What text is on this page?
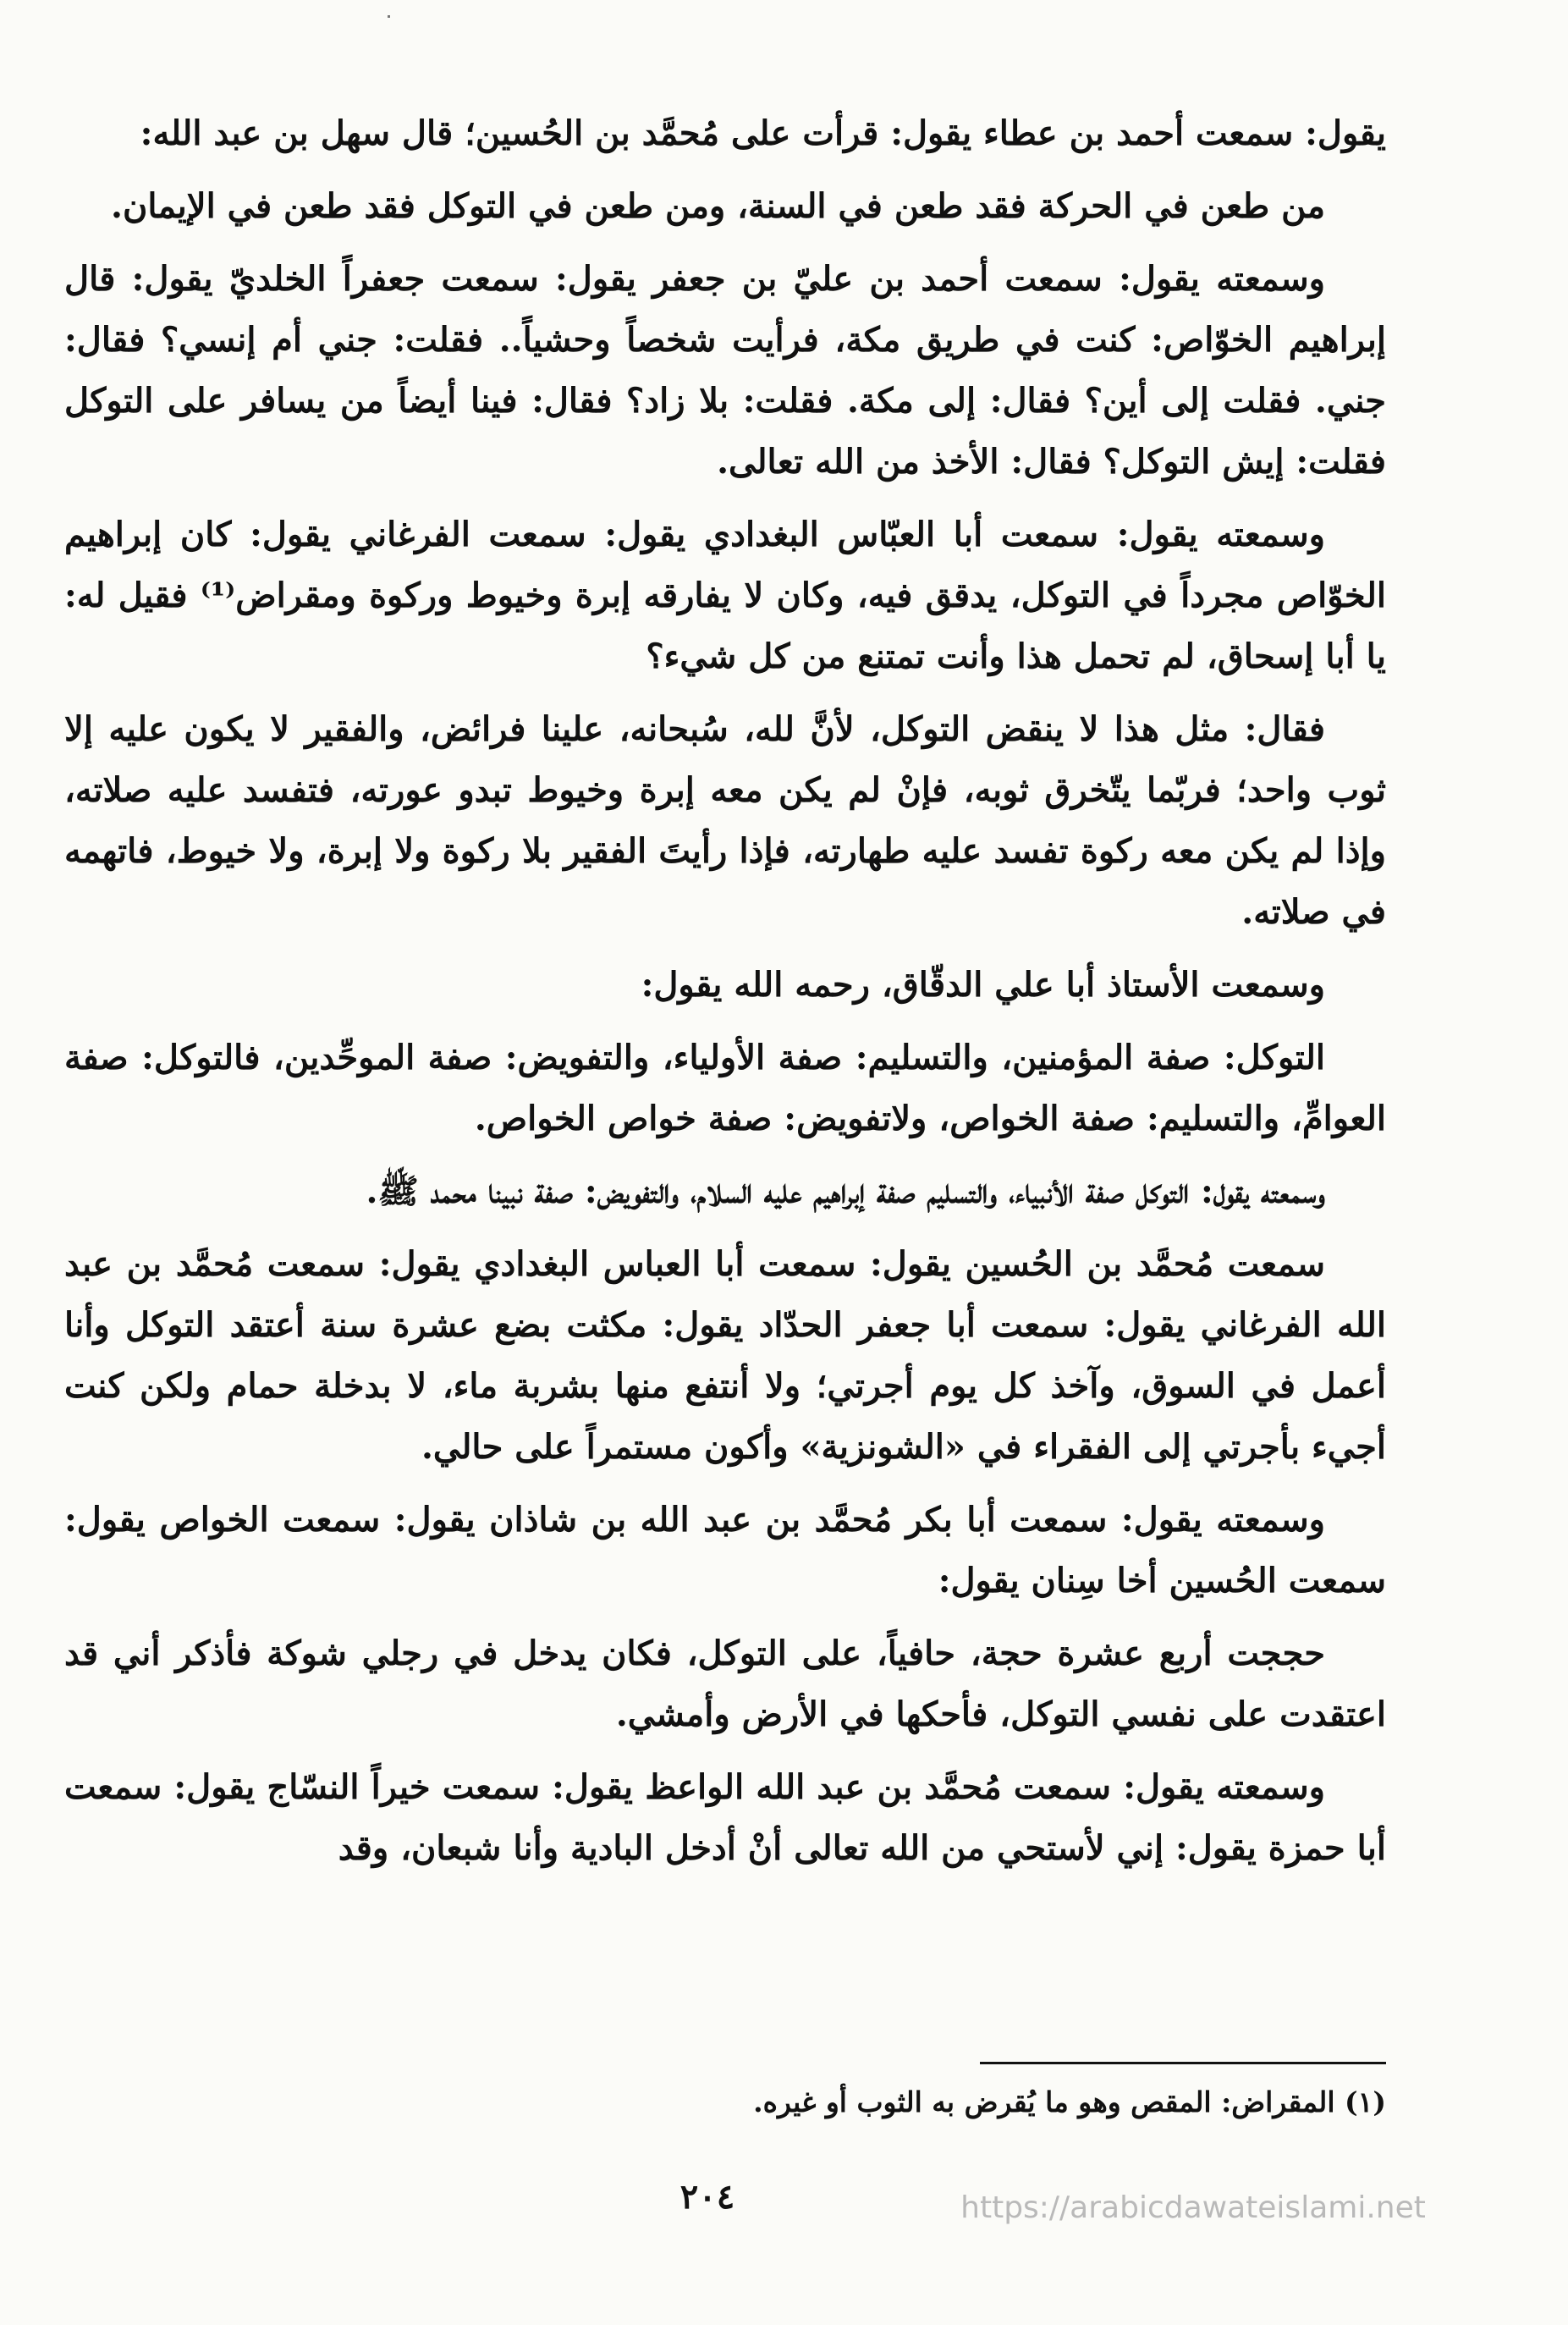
يقول: سمعت أحمد بن عطاء يقول: قرأت على مُحمَّد بن الحُسين؛ قال سهل بن عبد الله:

من طعن في الحركة فقد طعن في السنة، ومن طعن في التوكل فقد طعن في الإيمان.

وسمعته يقول: سمعت أحمد بن عليّ بن جعفر يقول: سمعت جعفراً الخلديّ يقول: قال إبراهيم الخوّاص: كنت في طريق مكة، فرأيت شخصاً وحشياً.. فقلت: جني أم إنسي؟ فقال: جني. فقلت إلى أين؟ فقال: إلى مكة. فقلت: بلا زاد؟ فقال: فينا أيضاً من يسافر على التوكل فقلت: إيش التوكل؟ فقال: الأخذ من الله تعالى.

وسمعته يقول: سمعت أبا العبّاس البغدادي يقول: سمعت الفرغاني يقول: كان إبراهيم الخوّاص مجرداً في التوكل، يدقق فيه، وكان لا يفارقه إبرة وخيوط وركوة ومقراض⁽¹⁾ فقيل له: يا أبا إسحاق، لم تحمل هذا وأنت تمتنع من كل شيء؟

فقال: مثل هذا لا ينقض التوكل، لأنَّ لله، سُبحانه، علينا فرائض، والفقير لا يكون عليه إلا ثوب واحد؛ فربّما يتّخرق ثوبه، فإنْ لم يكن معه إبرة وخيوط تبدو عورته، فتفسد عليه صلاته، وإذا لم يكن معه ركوة تفسد عليه طهارته، فإذا رأيتَ الفقير بلا ركوة ولا إبرة، ولا خيوط، فاتهمه في صلاته.

وسمعت الأستاذ أبا علي الدقّاق، رحمه الله يقول:

التوكل: صفة المؤمنين، والتسليم: صفة الأولياء، والتفويض: صفة الموحِّدين، فالتوكل: صفة العوامِّ، والتسليم: صفة الخواص، ولاتفويض: صفة خواص الخواص.

وسمعته يقول: التوكل صفة الأنبياء، والتسليم صفة إبراهيم عليه السلام، والتفويض: صفة نبينا محمد ﷺ.

سمعت مُحمَّد بن الحُسين يقول: سمعت أبا العباس البغدادي يقول: سمعت مُحمَّد بن عبد الله الفرغاني يقول: سمعت أبا جعفر الحدّاد يقول: مكثت بضع عشرة سنة أعتقد التوكل وأنا أعمل في السوق، وآخذ كل يوم أجرتي؛ ولا أنتفع منها بشربة ماء، لا بدخلة حمام ولكن كنت أجيء بأجرتي إلى الفقراء في «الشونزية» وأكون مستمراً على حالي.

وسمعته يقول: سمعت أبا بكر مُحمَّد بن عبد الله بن شاذان يقول: سمعت الخواص يقول: سمعت الحُسين أخا سِنان يقول:

حججت أربع عشرة حجة، حافياً، على التوكل، فكان يدخل في رجلي شوكة فأذكر أني قد اعتقدت على نفسي التوكل، فأحكها في الأرض وأمشي.

وسمعته يقول: سمعت مُحمَّد بن عبد الله الواعظ يقول: سمعت خيراً النسّاج يقول: سمعت أبا حمزة يقول: إني لأستحي من الله تعالى أنْ أدخل البادية وأنا شبعان، وقد

(١) المقراض: المقص وهو ما يُقرض به الثوب أو غيره.
٢٠٤	https://arabicdawateislami.net
